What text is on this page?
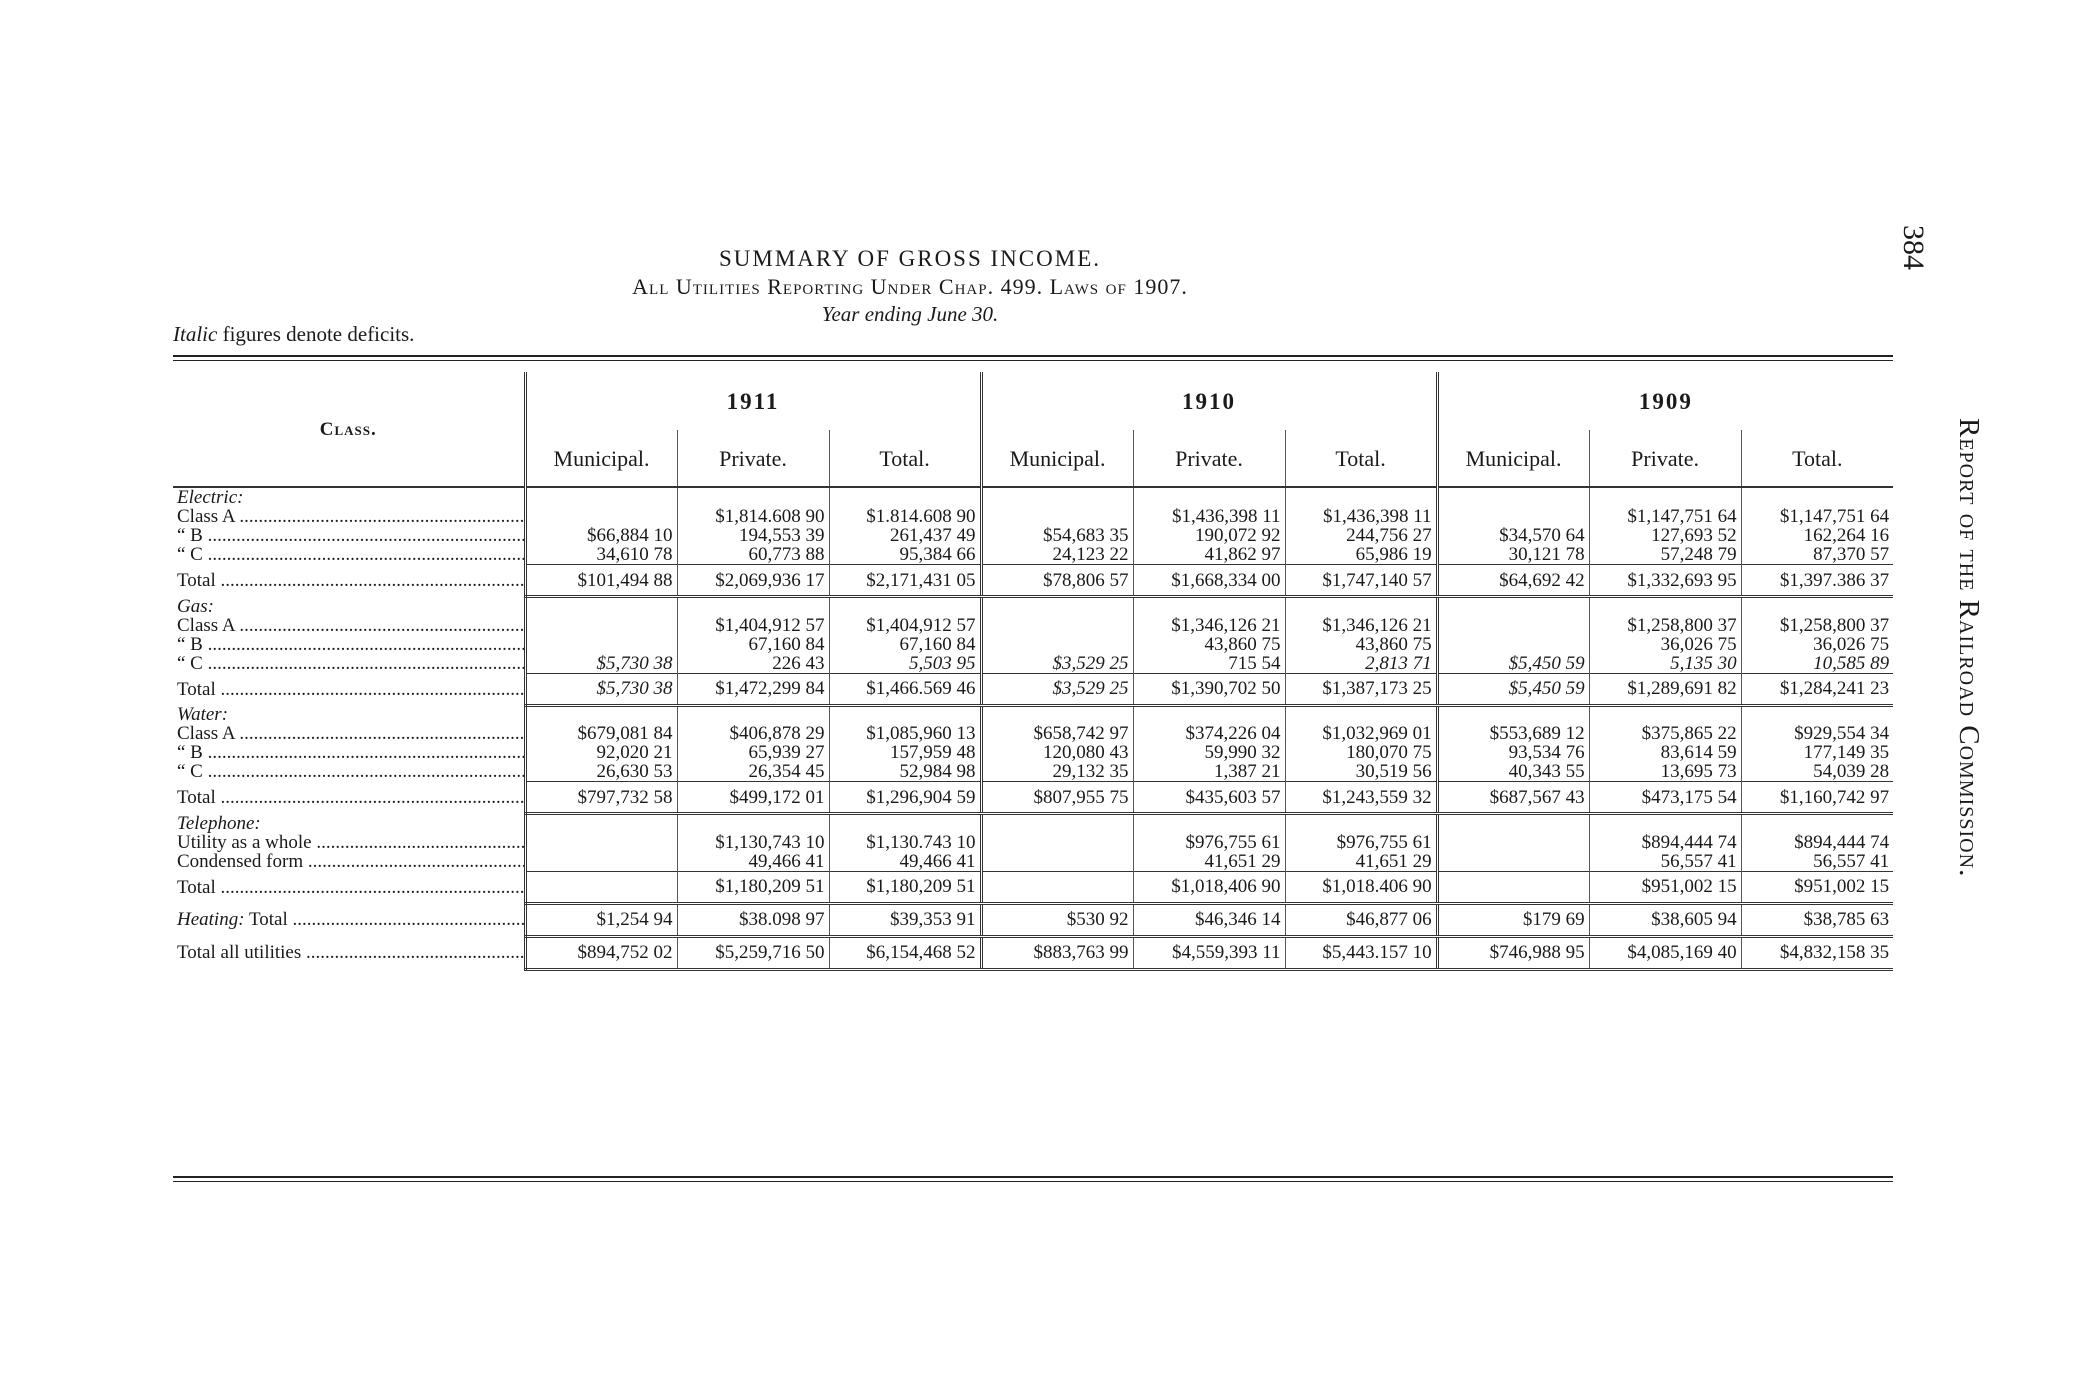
SUMMARY OF GROSS INCOME.
All Utilities Reporting Under Chap. 499. Laws of 1907.
Year ending June 30.
Italic figures denote deficits.
384
Report of the Railroad Commission.
Class.	1911			1910			1909		
	Municipal.	Private.	Total.	Municipal.	Private.	Total.	Municipal.	Private.	Total.
Electric:									
Class A .....		$1,814.608 90	$1.814.608 90		$1,436,398 11	$1,436,398 11		$1,147,751 64	$1,147,751 64
“ B .....	$66,884 10	194,553 39	261,437 49	$54,683 35	190,072 92	244,756 27	$34,570 64	127,693 52	162,264 16
“ C .....	34,610 78	60,773 88	95,384 66	24,123 22	41,862 97	65,986 19	30,121 78	57,248 79	87,370 57
Total .....	$101,494 88	$2,069,936 17	$2,171,431 05	$78,806 57	$1,668,334 00	$1,747,140 57	$64,692 42	$1,332,693 95	$1,397.386 37
Gas:									
Class A .....		$1,404,912 57	$1,404,912 57		$1,346,126 21	$1,346,126 21		$1,258,800 37	$1,258,800 37
“ B .....		67,160 84	67,160 84		43,860 75	43,860 75		36,026 75	36,026 75
“ C .....	$5,730 38	226 43	5,503 95	$3,529 25	715 54	2,813 71	$5,450 59	5,135 30	10,585 89
Total .....	$5,730 38	$1,472,299 84	$1,466.569 46	$3,529 25	$1,390,702 50	$1,387,173 25	$5,450 59	$1,289,691 82	$1,284,241 23
Water:									
Class A .....	$679,081 84	$406,878 29	$1,085,960 13	$658,742 97	$374,226 04	$1,032,969 01	$553,689 12	$375,865 22	$929,554 34
“ B .....	92,020 21	65,939 27	157,959 48	120,080 43	59,990 32	180,070 75	93,534 76	83,614 59	177,149 35
“ C .....	26,630 53	26,354 45	52,984 98	29,132 35	1,387 21	30,519 56	40,343 55	13,695 73	54,039 28
Total .....	$797,732 58	$499,172 01	$1,296,904 59	$807,955 75	$435,603 57	$1,243,559 32	$687,567 43	$473,175 54	$1,160,742 97
Telephone:									
Utility as a whole .....		$1,130,743 10	$1,130.743 10		$976,755 61	$976,755 61		$894,444 74	$894,444 74
Condensed form .....		49,466 41	49,466 41		41,651 29	41,651 29		56,557 41	56,557 41
Total .....		$1,180,209 51	$1,180,209 51		$1,018,406 90	$1,018.406 90		$951,002 15	$951,002 15
Heating: Total .....	$1,254 94	$38.098 97	$39,353 91	$530 92	$46,346 14	$46,877 06	$179 69	$38,605 94	$38,785 63
Total all utilities .....	$894,752 02	$5,259,716 50	$6,154,468 52	$883,763 99	$4,559,393 11	$5,443.157 10	$746,988 95	$4,085,169 40	$4,832,158 35
